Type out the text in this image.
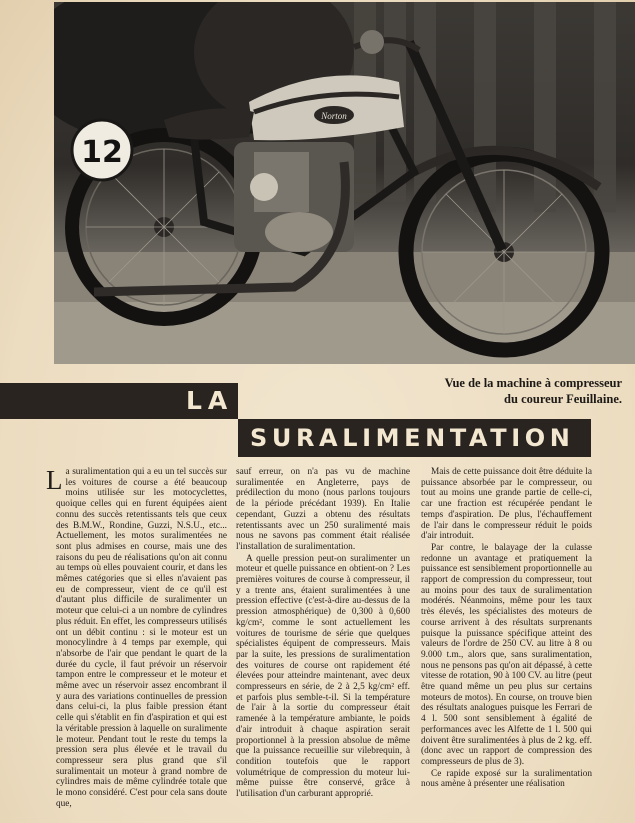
Norton
12
Vue de la machine à compresseur
du coureur Feuillaine.
LA
SURALIMENTATION

La suralimentation qui a eu un tel succès sur les voitures de course a été beaucoup moins utilisée sur les motocyclettes, quoique celles qui en furent équipées aient connu des succès retentissants tels que ceux des B.M.W., Rondine, Guzzi, N.S.U., etc... Actuellement, les motos suralimentées ne sont plus admises en course, mais une des raisons du peu de réalisations qu'on ait connu au temps où elles pouvaient courir, et dans les mêmes catégories que si elles n'avaient pas eu de compresseur, vient de ce qu'il est d'autant plus difficile de suralimenter un moteur que celui-ci a un nombre de cylindres plus réduit. En effet, les compresseurs utilisés ont un débit continu : si le moteur est un monocylindre à 4 temps par exemple, qui n'absorbe de l'air que pendant le quart de la durée du cycle, il faut prévoir un réservoir tampon entre le compresseur et le moteur et même avec un réservoir assez encombrant il y aura des variations continuelles de pression dans celui-ci, la plus faible pression étant celle qui s'établit en fin d'aspiration et qui est la véritable pression à laquelle on suralimente le moteur. Pendant tout le reste du temps la pression sera plus élevée et le travail du compresseur sera plus grand que s'il suralimentait un moteur à grand nombre de cylindres mais de même cylindrée totale que le mono considéré. C'est pour cela sans doute que,

sauf erreur, on n'a pas vu de machine suralimentée en Angleterre, pays de prédilection du mono (nous parlons toujours de la période précédant 1939). En Italie cependant, Guzzi a obtenu des résultats retentissants avec un 250 suralimenté mais nous ne savons pas comment était réalisée l'installation de suralimentation.

A quelle pression peut-on suralimenter un moteur et quelle puissance en obtient-on ? Les premières voitures de course à compresseur, il y a trente ans, étaient suralimentées à une pression effective (c'est-à-dire au-dessus de la pression atmosphérique) de 0,300 à 0,600 kg/cm², comme le sont actuellement les voitures de tourisme de série que quelques spécialistes équipent de compresseurs. Mais par la suite, les pressions de suralimentation des voitures de course ont rapidement été élevées pour atteindre maintenant, avec deux compresseurs en série, de 2 à 2,5 kg/cm² eff. et parfois plus semble-t-il. Si la température de l'air à la sortie du compresseur était ramenée à la température ambiante, le poids d'air introduit à chaque aspiration serait proportionnel à la pression absolue de même que la puissance recueillie sur vilebrequin, à condition toutefois que le rapport volumétrique de compression du moteur lui-même puisse être conservé, grâce à l'utilisation d'un carburant approprié.

Mais de cette puissance doit être déduite la puissance absorbée par le compresseur, ou tout au moins une grande partie de celle-ci, car une fraction est récupérée pendant le temps d'aspiration. De plus, l'échauffement de l'air dans le compresseur réduit le poids d'air introduit.

Par contre, le balayage der la culasse redonne un avantage et pratiquement la puissance est sensiblement proportionnelle au rapport de compression du compresseur, tout au moins pour des taux de suralimentation modérés. Néanmoins, même pour les taux très élevés, les spécialistes des moteurs de course arrivent à des résultats surprenants puisque la puissance spécifique atteint des valeurs de l'ordre de 250 CV. au litre à 8 ou 9.000 t.m., alors que, sans suralimentation, nous ne pensons pas qu'on ait dépassé, à cette vitesse de rotation, 90 à 100 CV. au litre (peut être quand même un peu plus sur certains moteurs de motos). En course, on trouve bien des résultats analogues puisque les Ferrari de 4 l. 500 sont sensiblement à égalité de performances avec les Alfette de 1 l. 500 qui doivent être suralimentées à plus de 2 kg. eff. (donc avec un rapport de compression des compresseurs de plus de 3).

Ce rapide exposé sur la suralimentation nous amène à présenter une réalisation
